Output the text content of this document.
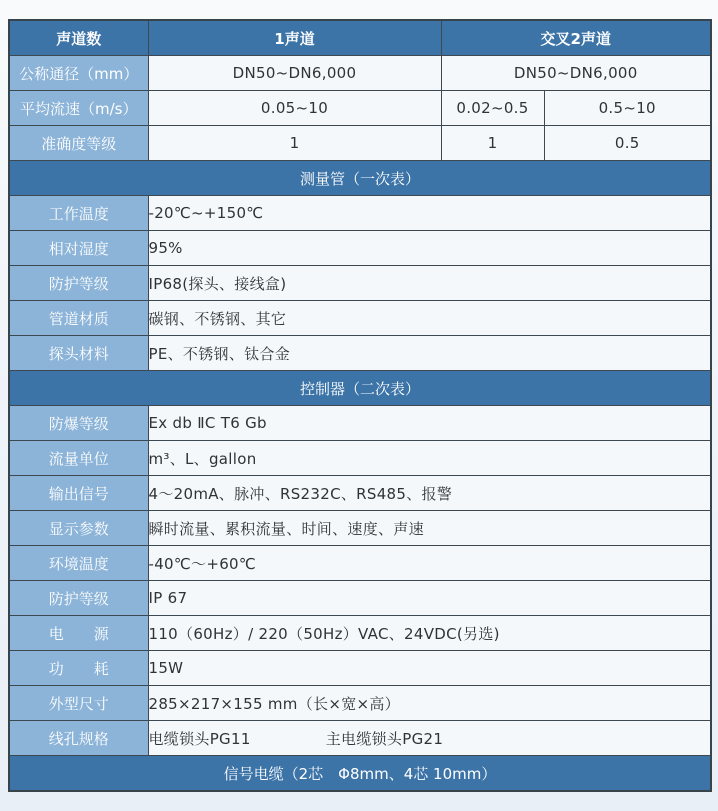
声道数	1声道	交叉2声道	
公称通径（mm）	DN50~DN6,000	DN50~DN6,000	
平均流速（m/s）	0.05~10	0.02~0.5	0.5~10
准确度等级	1	1	0.5
测量管（一次表）			
工作温度	-20℃~+150℃		
相对湿度	95%		
防护等级	IP68(探头、接线盒)		
管道材质	碳钢、不锈钢、其它		
探头材料	PE、不锈钢、钛合金		
控制器（二次表）			
防爆等级	Ex db ⅡC T6 Gb		
流量单位	m³、L、gallon		
输出信号	4～20mA、脉冲、RS232C、RS485、报警		
显示参数	瞬时流量、累积流量、时间、速度、声速		
环境温度	-40℃～+60℃		
防护等级	IP 67		
电　　源	110（60Hz）/ 220（50Hz）VAC、24VDC(另选)		
功　　耗	15W		
外型尺寸	285×217×155 mm（长×宽×高）		
线孔规格	电缆锁头PG11 主电缆锁头PG21		
信号电缆（2芯　Φ8mm、4芯 10mm）			
